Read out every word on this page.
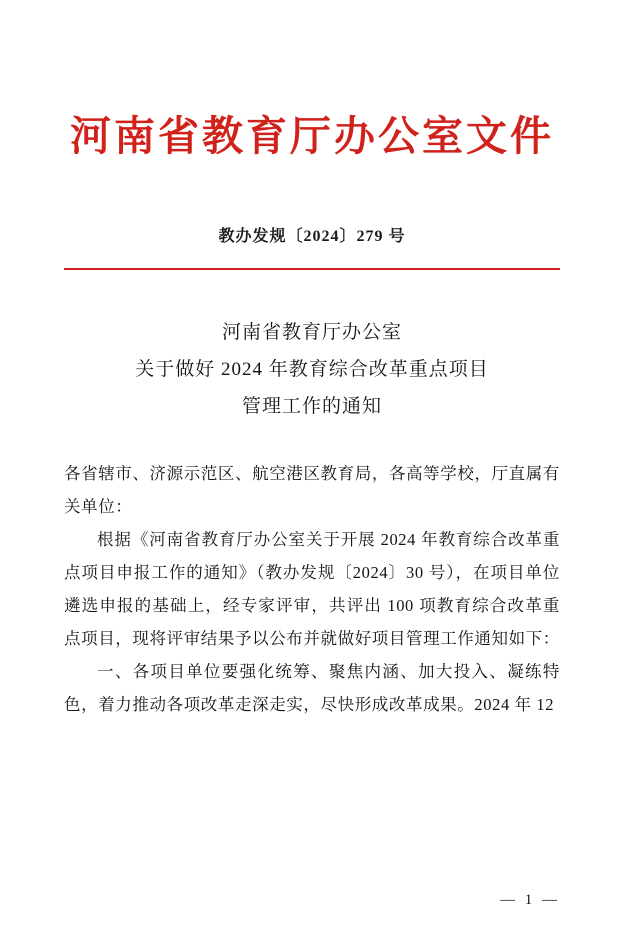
河南省教育厅办公室文件
教办发规〔2024〕279 号
河南省教育厅办公室
关于做好 2024 年教育综合改革重点项目
管理工作的通知

各省辖市、济源示范区、航空港区教育局，各高等学校，厅直属有关单位：

根据《河南省教育厅办公室关于开展 2024 年教育综合改革重点项目申报工作的通知》（教办发规〔2024〕30 号），在项目单位遴选申报的基础上，经专家评审，共评出 100 项教育综合改革重点项目，现将评审结果予以公布并就做好项目管理工作通知如下：

一、各项目单位要强化统筹、聚焦内涵、加大投入、凝练特色，着力推动各项改革走深走实，尽快形成改革成果。2024 年 12

— 1 —
